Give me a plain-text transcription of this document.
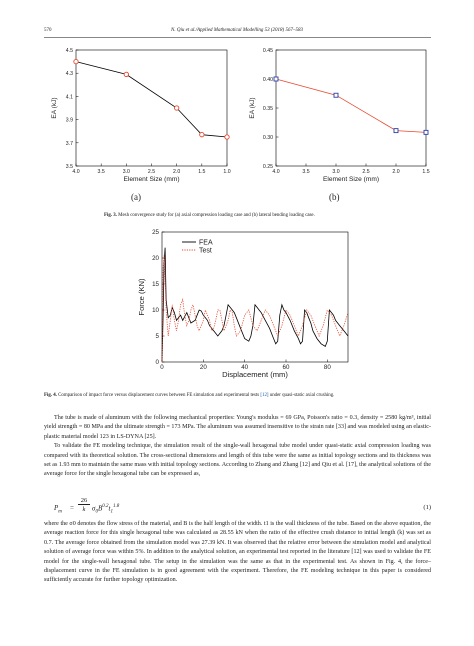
570	N. Qiu et al./Applied Mathematical Modelling 53 (2018) 567–583
4.0	3.5	3.0	2.5	2.0	1.5	1.0
3.5
3.7
3.9
4.1
4.3
4.5
Element Size (mm)
EA (kJ)
4.0	3.5	3.0	2.5	2.0	1.5
0.25
0.30
0.35
0.40
0.45
Element Size (mm)
EA (kJ)
(a)	(b)
Fig. 3. Mesh convergence study for (a) axial compression loading case and (b) lateral bending loading case.
0	20	40	60	80
0
5
10
15
20
25
Displacement (mm)
Force (KN)
FEA
Test
Fig. 4. Comparison of impact force versus displacement curves between FE simulation and experimental tests [12] under quasi-static axial crushing.

The tube is made of aluminum with the following mechanical properties: Young's modulus = 69 GPa, Poisson's ratio = 0.3, density = 2580 kg/m³, initial yield strength = 80 MPa and the ultimate strength = 173 MPa. The aluminum was assumed insensitive to the strain rate [33] and was modeled using an elastic-plastic material model 123 in LS-DYNA [25].

To validate the FE modeling technique, the simulation result of the single-wall hexagonal tube model under quasi-static axial compression loading was compared with its theoretical solution. The cross-sectional dimensions and length of this tube were the same as initial topology sections and its thickness was set as 1.93 mm to maintain the same mass with initial topology sections. According to Zhang and Zhang [12] and Qiu et al. [17], the analytical solutions of the average force for the single hexagonal tube can be expressed as,

$P_m$ =
26
k $\sigma_0B^{0.2}t_1^{1.8}$	(1)

where the σ0 denotes the flow stress of the material, and B is the half length of the width. t1 is the wall thickness of the tube. Based on the above equation, the average reaction force for this single hexagonal tube was calculated as 28.55 kN when the ratio of the effective crush distance to initial length (k) was set as 0.7. The average force obtained from the simulation model was 27.39 kN. It was observed that the relative error between the simulation model and analytical solution of average force was within 5%. In addition to the analytical solution, an experimental test reported in the literature [12] was used to validate the FE model for the single-wall hexagonal tube. The setup in the simulation was the same as that in the experimental test. As shown in Fig. 4, the force–displacement curve in the FE simulation is in good agreement with the experiment. Therefore, the FE modeling technique in this paper is considered sufficiently accurate for further topology optimization.
